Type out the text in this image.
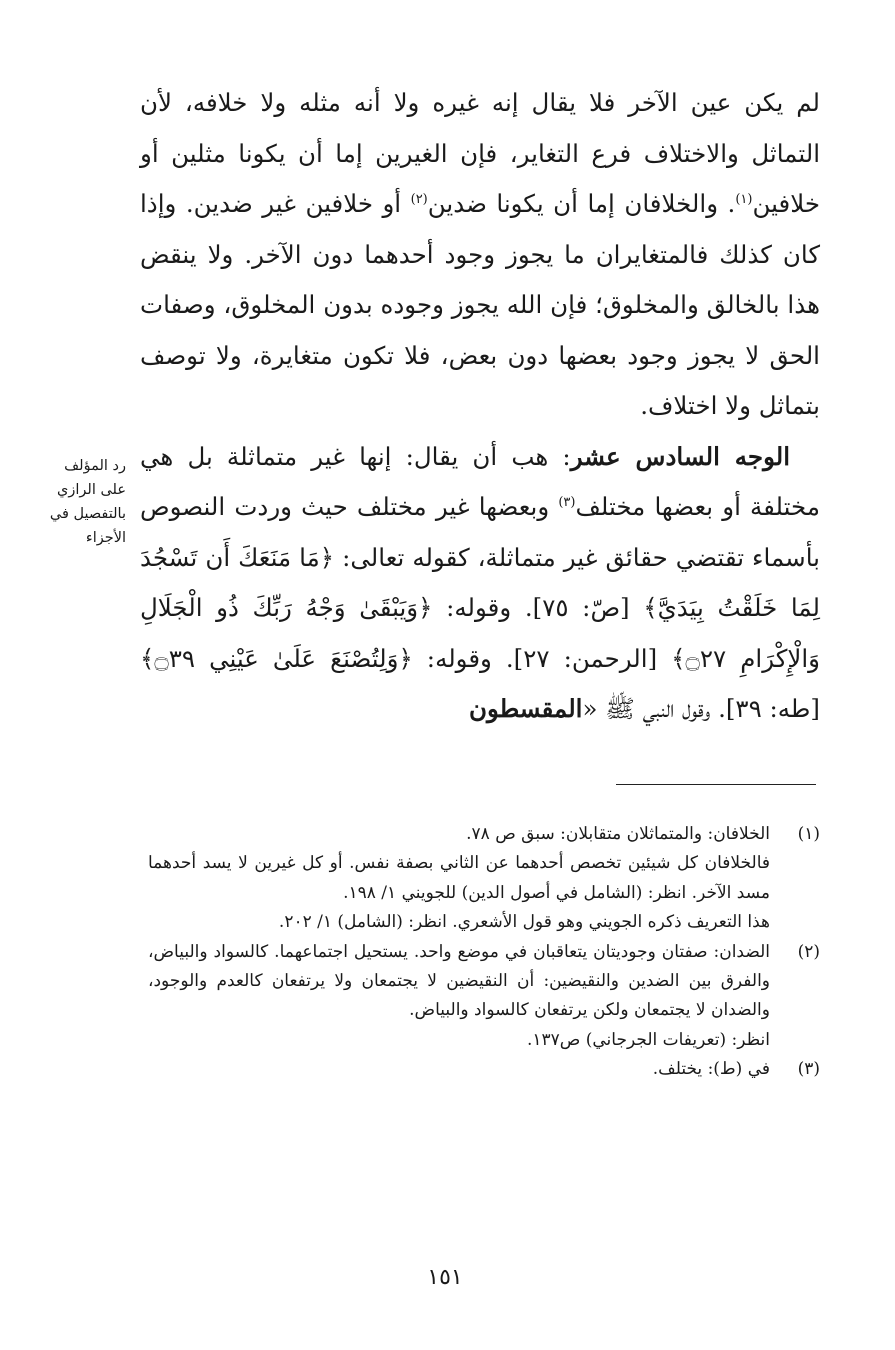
لم يكن عين الآخر فلا يقال إنه غيره ولا أنه مثله ولا خلافه، لأن التماثل والاختلاف فرع التغاير، فإن الغيرين إما أن يكونا مثلين أو خلافين$^{(١)}$. والخلافان إما أن يكونا ضدين$^{(٢)}$ أو خلافين غير ضدين. وإذا كان كذلك فالمتغايران ما يجوز وجود أحدهما دون الآخر. ولا ينقض هذا بالخالق والمخلوق؛ فإن الله يجوز وجوده بدون المخلوق، وصفات الحق لا يجوز وجود بعضها دون بعض، فلا تكون متغايرة، ولا توصف بتماثل ولا اختلاف.

الوجه السادس عشر: هب أن يقال: إنها غير متماثلة بل هي مختلفة أو بعضها مختلف$^{(٣)}$ وبعضها غير مختلف حيث وردت النصوص بأسماء تقتضي حقائق غير متماثلة، كقوله تعالى: ﴿مَا مَنَعَكَ أَن تَسْجُدَ لِمَا خَلَقْتُ بِيَدَيَّ﴾ [صّ: ٧٥]. وقوله: ﴿وَيَبْقَىٰ وَجْهُ رَبِّكَ ذُو الْجَلَالِ وَالْإِكْرَامِ ۝٢٧﴾ [الرحمن: ٢٧]. وقوله: ﴿وَلِتُصْنَعَ عَلَىٰ عَيْنِي ۝٣٩﴾ [طه: ٣٩]. وقول النبي ﷺ «المقسطون

رد المؤلف
على الرازي
بالتفصيل في
الأجزاء
(١)
الخلافان: والمتماثلان متقابلان: سبق ص ٧٨.
فالخلافان كل شيئين تخصص أحدهما عن الثاني بصفة نفس. أو كل غيرين لا يسد أحدهما مسد الآخر. انظر: (الشامل في أصول الدين) للجويني ١/ ١٩٨.
هذا التعريف ذكره الجويني وهو قول الأشعري. انظر: (الشامل) ١/ ٢٠٢.
(٢)
الضدان: صفتان وجوديتان يتعاقبان في موضع واحد. يستحيل اجتماعهما. كالسواد والبياض، والفرق بين الضدين والنقيضين: أن النقيضين لا يجتمعان ولا يرتفعان كالعدم والوجود، والضدان لا يجتمعان ولكن يرتفعان كالسواد والبياض.
انظر: (تعريفات الجرجاني) ص١٣٧.
(٣)
في (ط): يختلف.
١٥١
